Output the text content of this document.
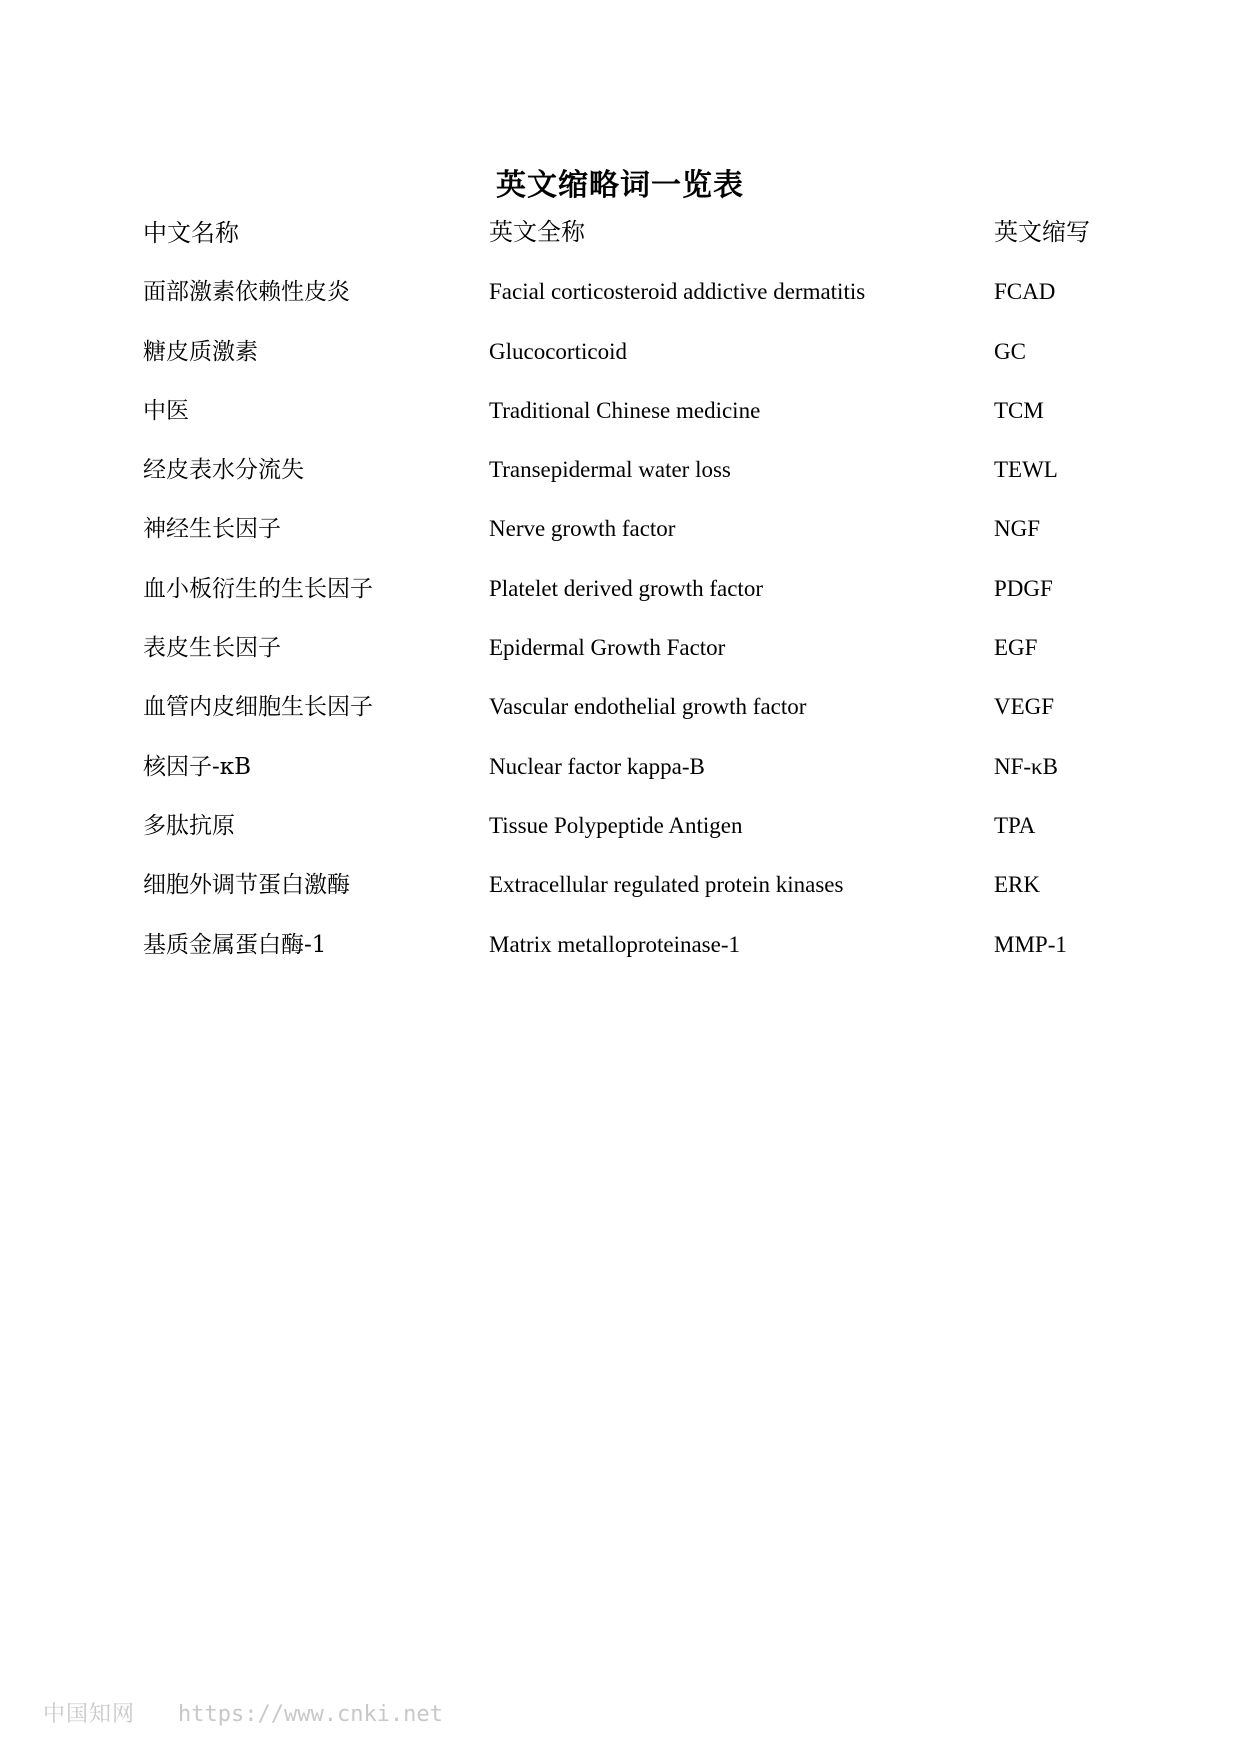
英文缩略词一览表
中文名称	英文全称	英文缩写
面部激素依赖性皮炎	Facial corticosteroid addictive dermatitis	FCAD
糖皮质激素	Glucocorticoid	GC
中医	Traditional Chinese medicine	TCM
经皮表水分流失	Transepidermal water loss	TEWL
神经生长因子	Nerve growth factor	NGF
血小板衍生的生长因子	Platelet derived growth factor	PDGF
表皮生长因子	Epidermal Growth Factor	EGF
血管内皮细胞生长因子	Vascular endothelial growth factor	VEGF
核因子-κB	Nuclear factor kappa-B	NF-κB
多肽抗原	Tissue Polypeptide Antigen	TPA
细胞外调节蛋白激酶	Extracellular regulated protein kinases	ERK
基质金属蛋白酶-1	Matrix metalloproteinase-1	MMP-1
中国知网 https://www.cnki.net
